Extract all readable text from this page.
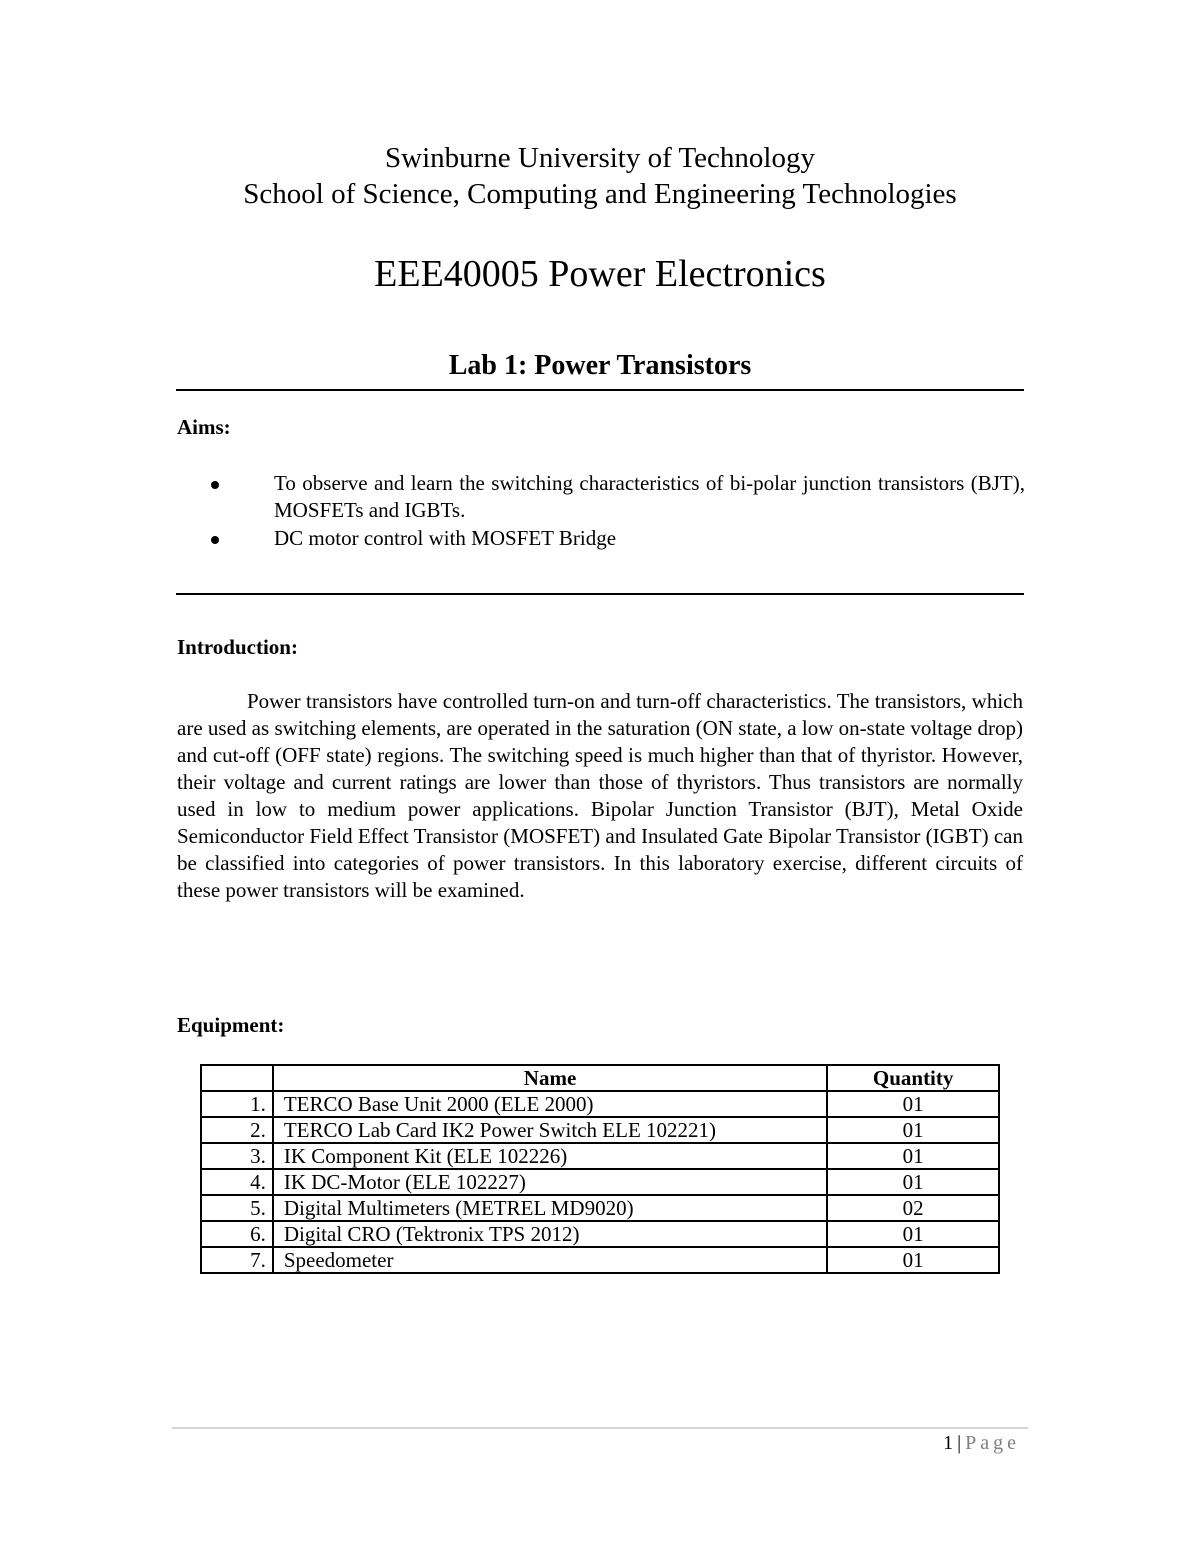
Swinburne University of Technology
School of Science, Computing and Engineering Technologies
EEE40005 Power Electronics
Lab 1: Power Transistors
Aims:
To observe and learn the switching characteristics of bi-polar junction transistors (BJT), MOSFETs and IGBTs.
DC motor control with MOSFET Bridge
Introduction:

Power transistors have controlled turn-on and turn-off characteristics. The transistors, which are used as switching elements, are operated in the saturation (ON state, a low on-state voltage drop) and cut-off (OFF state) regions. The switching speed is much higher than that of thyristor. However, their voltage and current ratings are lower than those of thyristors. Thus transistors are normally used in low to medium power applications. Bipolar Junction Transistor (BJT), Metal Oxide Semiconductor Field Effect Transistor (MOSFET) and Insulated Gate Bipolar Transistor (IGBT) can be classified into categories of power transistors. In this laboratory exercise, different circuits of these power transistors will be examined.

Equipment:
	Name	Quantity
1.	TERCO Base Unit 2000 (ELE 2000)	01
2.	TERCO Lab Card IK2 Power Switch ELE 102221)	01
3.	IK Component Kit (ELE 102226)	01
4.	IK DC-Motor (ELE 102227)	01
5.	Digital Multimeters (METREL MD9020)	02
6.	Digital CRO (Tektronix TPS 2012)	01
7.	Speedometer	01
1 | Page
